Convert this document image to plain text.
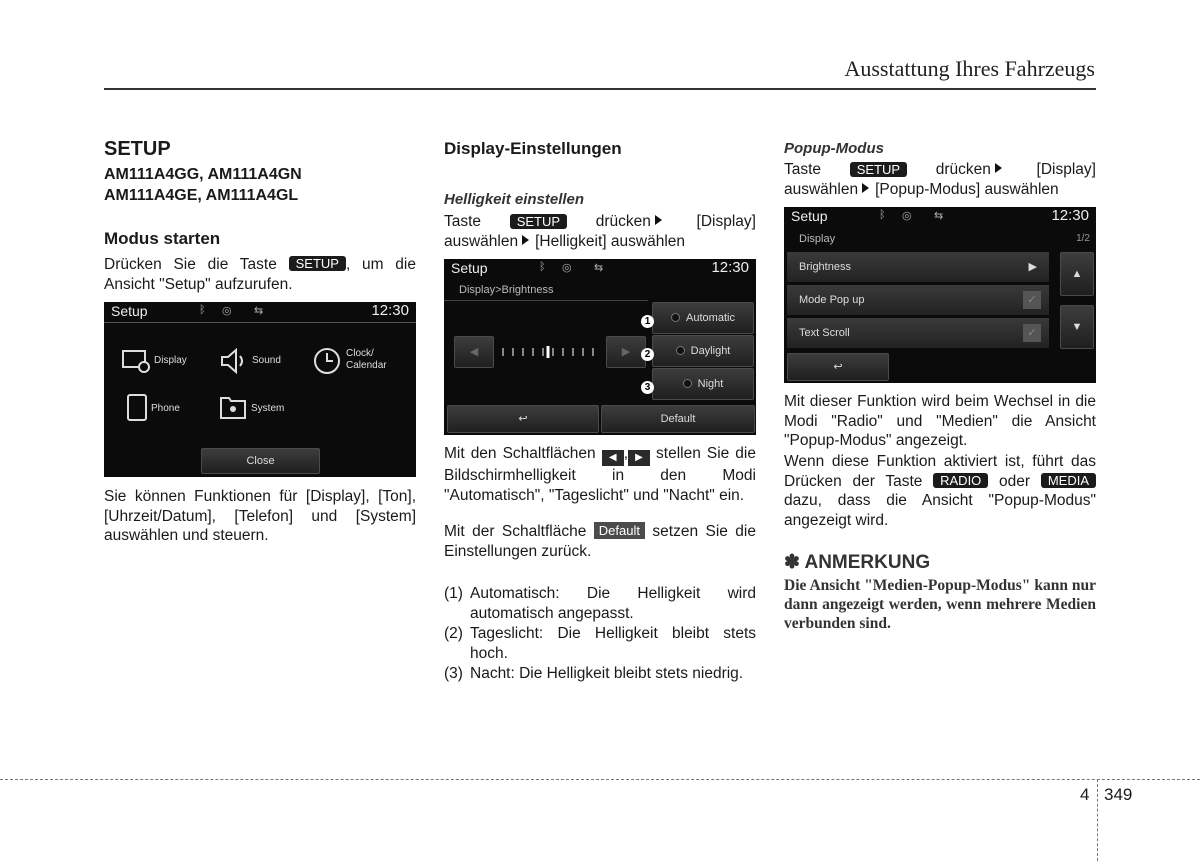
Ausstattung Ihres Fahrzeugs
SETUP
AM111A4GG, AM111A4GN
AM111A4GE, AM111A4GL
Modus starten
Drücken Sie die Taste SETUP , um die Ansicht "Setup" aufzurufen.
Setup	ᛒ ◎ ⇆	12:30
Display	Sound
Clock/
Calendar
Phone	System
Close
Sie können Funktionen für [Display], [Ton], [Uhrzeit/Datum], [Telefon] und [System] auswählen und steuern.
Display-Einstellungen
Helligkeit einstellen
Taste	SETUP	drücken	[Display]
auswählen [Helligkeit] auswählen
Setup	ᛒ ◎ ⇆	12:30
Display>Brightness
◀	▶
Automatic
Daylight
Night
1
2
3
↩	Default
Mit den Schaltflächen ◀ , ▶ stellen Sie die Bildschirmhelligkeit in den Modi "Automatisch", "Tageslicht" und "Nacht" ein.
Mit der Schaltfläche Default setzen Sie die Einstellungen zurück.
(1) Automatisch: Die Helligkeit wird automatisch angepasst.
(2) Tageslicht: Die Helligkeit bleibt stets hoch.
(3) Nacht: Die Helligkeit bleibt stets niedrig.
Popup-Modus
Taste	SETUP	drücken	[Display]
auswählen [Popup-Modus] auswählen
Setup	ᛒ ◎ ⇆	12:30
Display	1/2
Brightness	▶
Mode Pop up	✓
Text Scroll	✓
▲
▼
↩
Mit dieser Funktion wird beim Wechsel in die Modi "Radio" und "Medien" die Ansicht "Popup-Modus" angezeigt.
Wenn diese Funktion aktiviert ist, führt das Drücken der Taste RADIO oder MEDIA dazu, dass die Ansicht "Popup-Modus" angezeigt wird.
✽ ANMERKUNG
Die Ansicht "Medien-Popup-Modus" kann nur dann angezeigt werden, wenn mehrere Medien verbunden sind.
4 349
